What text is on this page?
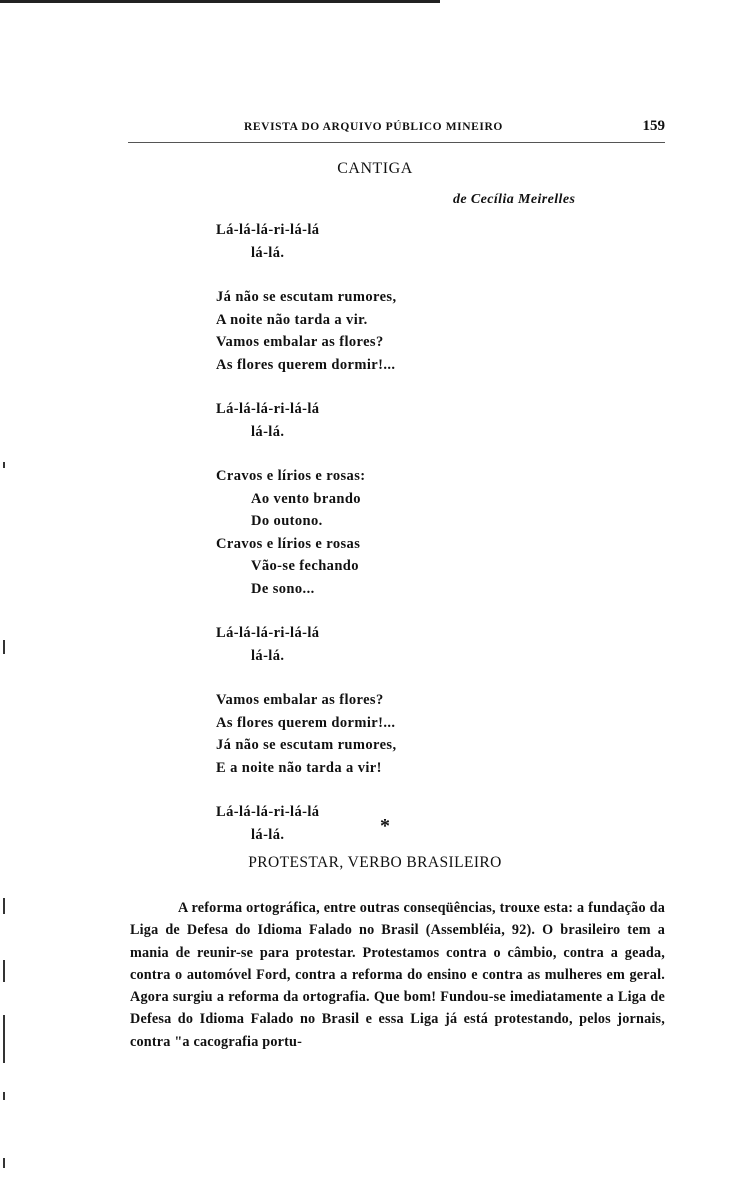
REVISTA DO ARQUIVO PÚBLICO MINEIRO	159
CANTIGA
de Cecília Meirelles
Lá-lá-lá-ri-lá-lá
lá-lá.
Já não se escutam rumores,
A noite não tarda a vir.
Vamos embalar as flores?
As flores querem dormir!...
Lá-lá-lá-ri-lá-lá
lá-lá.
Cravos e lírios e rosas:
Ao vento brando
Do outono.
Cravos e lírios e rosas
Vão-se fechando
De sono...
Lá-lá-lá-ri-lá-lá
lá-lá.
Vamos embalar as flores?
As flores querem dormir!...
Já não se escutam rumores,
E a noite não tarda a vir!
Lá-lá-lá-ri-lá-lá
lá-lá.	*
PROTESTAR, VERBO BRASILEIRO
A reforma ortográfica, entre outras conseqüências, trouxe esta: a fundação da Liga de Defesa do Idioma Falado no Brasil (Assembléia, 92). O brasileiro tem a mania de reunir-se para protestar. Protestamos contra o câmbio, contra a geada, contra o automóvel Ford, contra a reforma do ensino e contra as mulheres em geral. Agora surgiu a reforma da ortografia. Que bom! Fundou-se imediatamente a Liga de Defesa do Idioma Falado no Brasil e essa Liga já está protestando, pelos jornais, contra "a cacografia portu-
